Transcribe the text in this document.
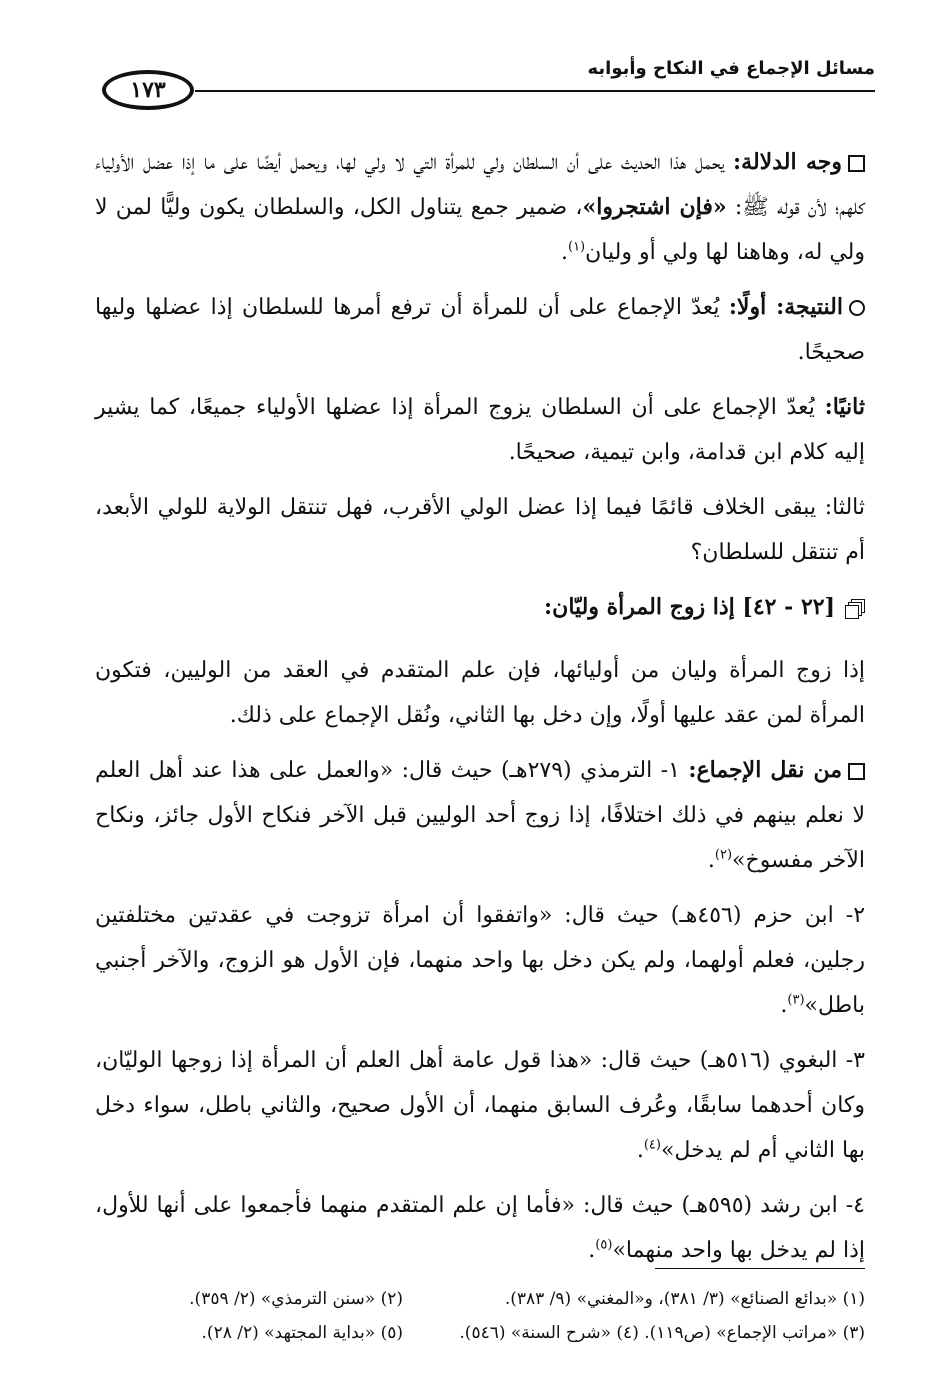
مسائل الإجماع في النكاح وأبوابه
١٧٣

وجه الدلالة: يحمل هذا الحديث على أن السلطان ولي للمرأة التي لا ولي لها، ويحمل أيضًا على ما إذا عضل الأولياء كلهم؛ لأن قوله ﷺ: «فإن اشتجروا»، ضمير جمع يتناول الكل، والسلطان يكون وليًّا لمن لا ولي له، وهاهنا لها ولي أو وليان$^{(١)}$.

النتيجة: أولًا: يُعدّ الإجماع على أن للمرأة أن ترفع أمرها للسلطان إذا عضلها وليها صحيحًا.

ثانيًا: يُعدّ الإجماع على أن السلطان يزوج المرأة إذا عضلها الأولياء جميعًا، كما يشير إليه كلام ابن قدامة، وابن تيمية، صحيحًا.

ثالثا: يبقى الخلاف قائمًا فيما إذا عضل الولي الأقرب، فهل تنتقل الولاية للولي الأبعد، أم تنتقل للسلطان؟

[٢٢ - ٤٢] إذا زوج المرأة وليّان:

إذا زوج المرأة وليان من أوليائها، فإن علم المتقدم في العقد من الوليين، فتكون المرأة لمن عقد عليها أولًا، وإن دخل بها الثاني، ونُقل الإجماع على ذلك.

من نقل الإجماع: ١- الترمذي (٢٧٩هـ) حيث قال: «والعمل على هذا عند أهل العلم لا نعلم بينهم في ذلك اختلافًا، إذا زوج أحد الوليين قبل الآخر فنكاح الأول جائز، ونكاح الآخر مفسوخ»$^{(٢)}$.

٢- ابن حزم (٤٥٦هـ) حيث قال: «واتفقوا أن امرأة تزوجت في عقدتين مختلفتين رجلين، فعلم أولهما، ولم يكن دخل بها واحد منهما، فإن الأول هو الزوج، والآخر أجنبي باطل»$^{(٣)}$.

٣- البغوي (٥١٦هـ) حيث قال: «هذا قول عامة أهل العلم أن المرأة إذا زوجها الوليّان، وكان أحدهما سابقًا، وعُرف السابق منهما، أن الأول صحيح، والثاني باطل، سواء دخل بها الثاني أم لم يدخل»$^{(٤)}$.

٤- ابن رشد (٥٩٥هـ) حيث قال: «فأما إن علم المتقدم منهما فأجمعوا على أنها للأول، إذا لم يدخل بها واحد منهما»$^{(٥)}$.

(١) «بدائع الصنائع» (٣/ ٣٨١)، و«المغني» (٩/ ٣٨٣).
(٢) «سنن الترمذي» (٢/ ٣٥٩).
(٣) «مراتب الإجماع» (ص١١٩). (٤) «شرح السنة» (٥٤٦).
(٥) «بداية المجتهد» (٢/ ٢٨).
